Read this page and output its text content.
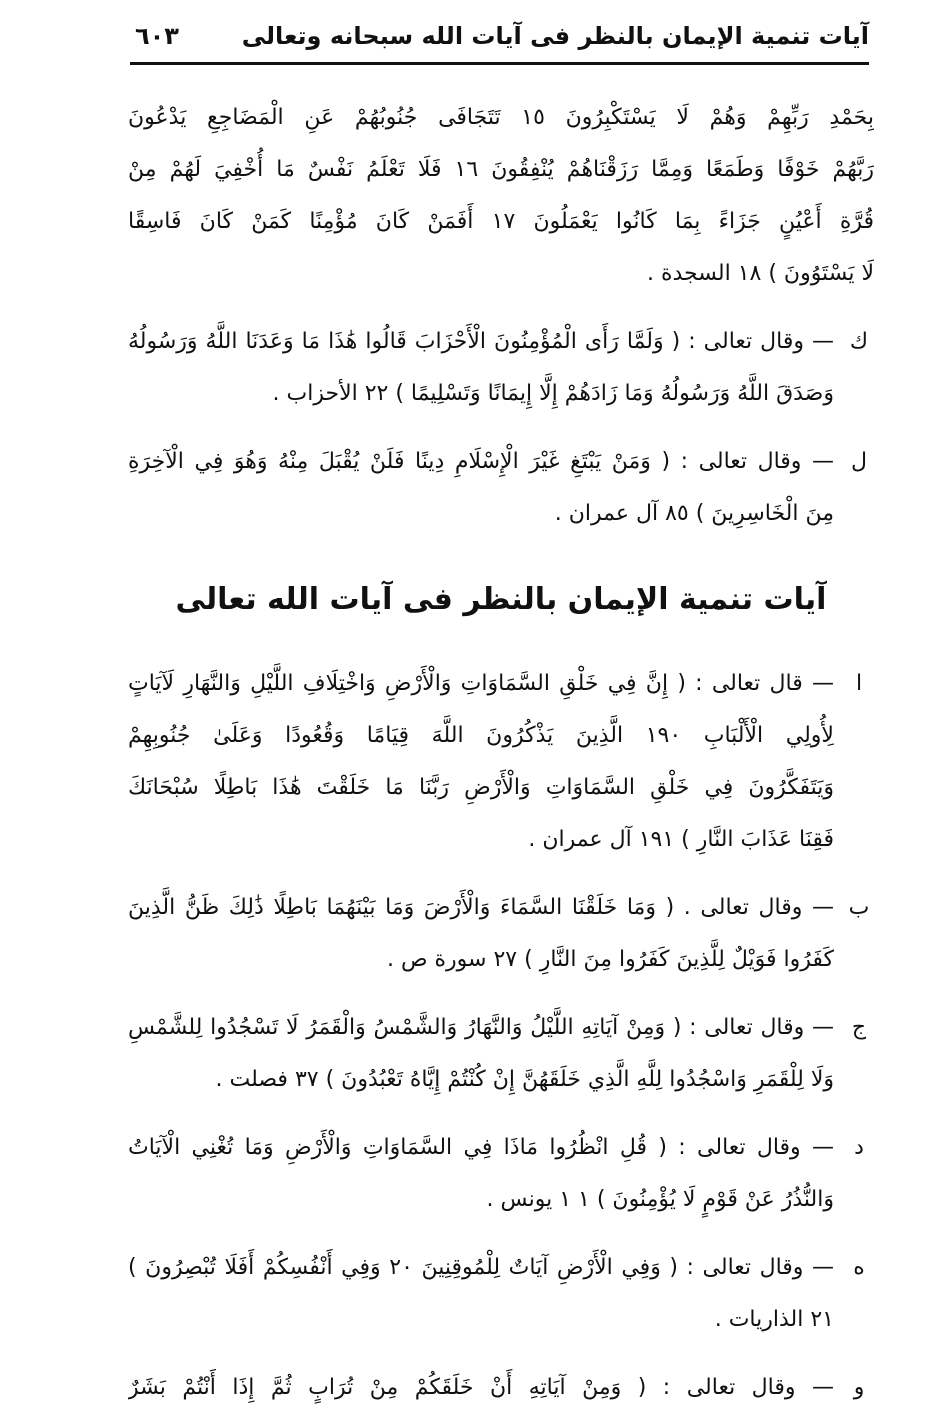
آيات تنمية الإيمان بالنظر فى آيات الله سبحانه وتعالى
٦٠٣
بِحَمْدِ رَبِّهِمْ وَهُمْ لَا يَسْتَكْبِرُونَ ١٥ تَتَجَافَى جُنُوبُهُمْ عَنِ الْمَضَاجِعِ يَدْعُونَ
رَبَّهُمْ خَوْفًا وَطَمَعًا وَمِمَّا رَزَقْنَاهُمْ يُنْفِقُونَ ١٦ فَلَا تَعْلَمُ نَفْسٌ مَا أُخْفِيَ لَهُمْ مِنْ
قُرَّةِ أَعْيُنٍ جَزَاءً بِمَا كَانُوا يَعْمَلُونَ ١٧ أَفَمَنْ كَانَ مُؤْمِنًا كَمَنْ كَانَ فَاسِقًا
لَا يَسْتَوُونَ ) ١٨ السجدة .
ك
— وقال تعالى : ( وَلَمَّا رَأَى الْمُؤْمِنُونَ الْأَحْزَابَ قَالُوا هَٰذَا مَا وَعَدَنَا اللَّهُ وَرَسُولُهُ
وَصَدَقَ اللَّهُ وَرَسُولُهُ وَمَا زَادَهُمْ إِلَّا إِيمَانًا وَتَسْلِيمًا ) ٢٢ الأحزاب .
ل
— وقال تعالى : ( وَمَنْ يَبْتَغِ غَيْرَ الْإِسْلَامِ دِينًا فَلَنْ يُقْبَلَ مِنْهُ وَهُوَ فِي الْآخِرَةِ
مِنَ الْخَاسِرِينَ ) ٨٥ آل عمران .
آيات تنمية الإيمان بالنظر فى آيات الله تعالى
ا
— قال تعالى : ( إِنَّ فِي خَلْقِ السَّمَاوَاتِ وَالْأَرْضِ وَاخْتِلَافِ اللَّيْلِ وَالنَّهَارِ لَآيَاتٍ
لِأُولِي الْأَلْبَابِ ١٩٠ الَّذِينَ يَذْكُرُونَ اللَّهَ قِيَامًا وَقُعُودًا وَعَلَىٰ جُنُوبِهِمْ
وَيَتَفَكَّرُونَ فِي خَلْقِ السَّمَاوَاتِ وَالْأَرْضِ رَبَّنَا مَا خَلَقْتَ هَٰذَا بَاطِلًا سُبْحَانَكَ
فَقِنَا عَذَابَ النَّارِ ) ١٩١ آل عمران .
ب
— وقال تعالى . ( وَمَا خَلَقْنَا السَّمَاءَ وَالْأَرْضَ وَمَا بَيْنَهُمَا بَاطِلًا ذَٰلِكَ ظَنُّ الَّذِينَ
كَفَرُوا فَوَيْلٌ لِلَّذِينَ كَفَرُوا مِنَ النَّارِ ) ٢٧ سورة ص .
ج
— وقال تعالى : ( وَمِنْ آيَاتِهِ اللَّيْلُ وَالنَّهَارُ وَالشَّمْسُ وَالْقَمَرُ لَا تَسْجُدُوا لِلشَّمْسِ
وَلَا لِلْقَمَرِ وَاسْجُدُوا لِلَّهِ الَّذِي خَلَقَهُنَّ إِنْ كُنْتُمْ إِيَّاهُ تَعْبُدُونَ ) ٣٧ فصلت .
د
— وقال تعالى : ( قُلِ انْظُرُوا مَاذَا فِي السَّمَاوَاتِ وَالْأَرْضِ وَمَا تُغْنِي الْآيَاتُ
وَالنُّذُرُ عَنْ قَوْمٍ لَا يُؤْمِنُونَ ) ١ ١ يونس .
ه
— وقال تعالى : ( وَفِي الْأَرْضِ آيَاتٌ لِلْمُوقِنِينَ ٢٠ وَفِي أَنْفُسِكُمْ أَفَلَا تُبْصِرُونَ )
٢١ الذاريات .
و
— وقال تعالى : ( وَمِنْ آيَاتِهِ أَنْ خَلَقَكُمْ مِنْ تُرَابٍ ثُمَّ إِذَا أَنْتُمْ بَشَرٌ
